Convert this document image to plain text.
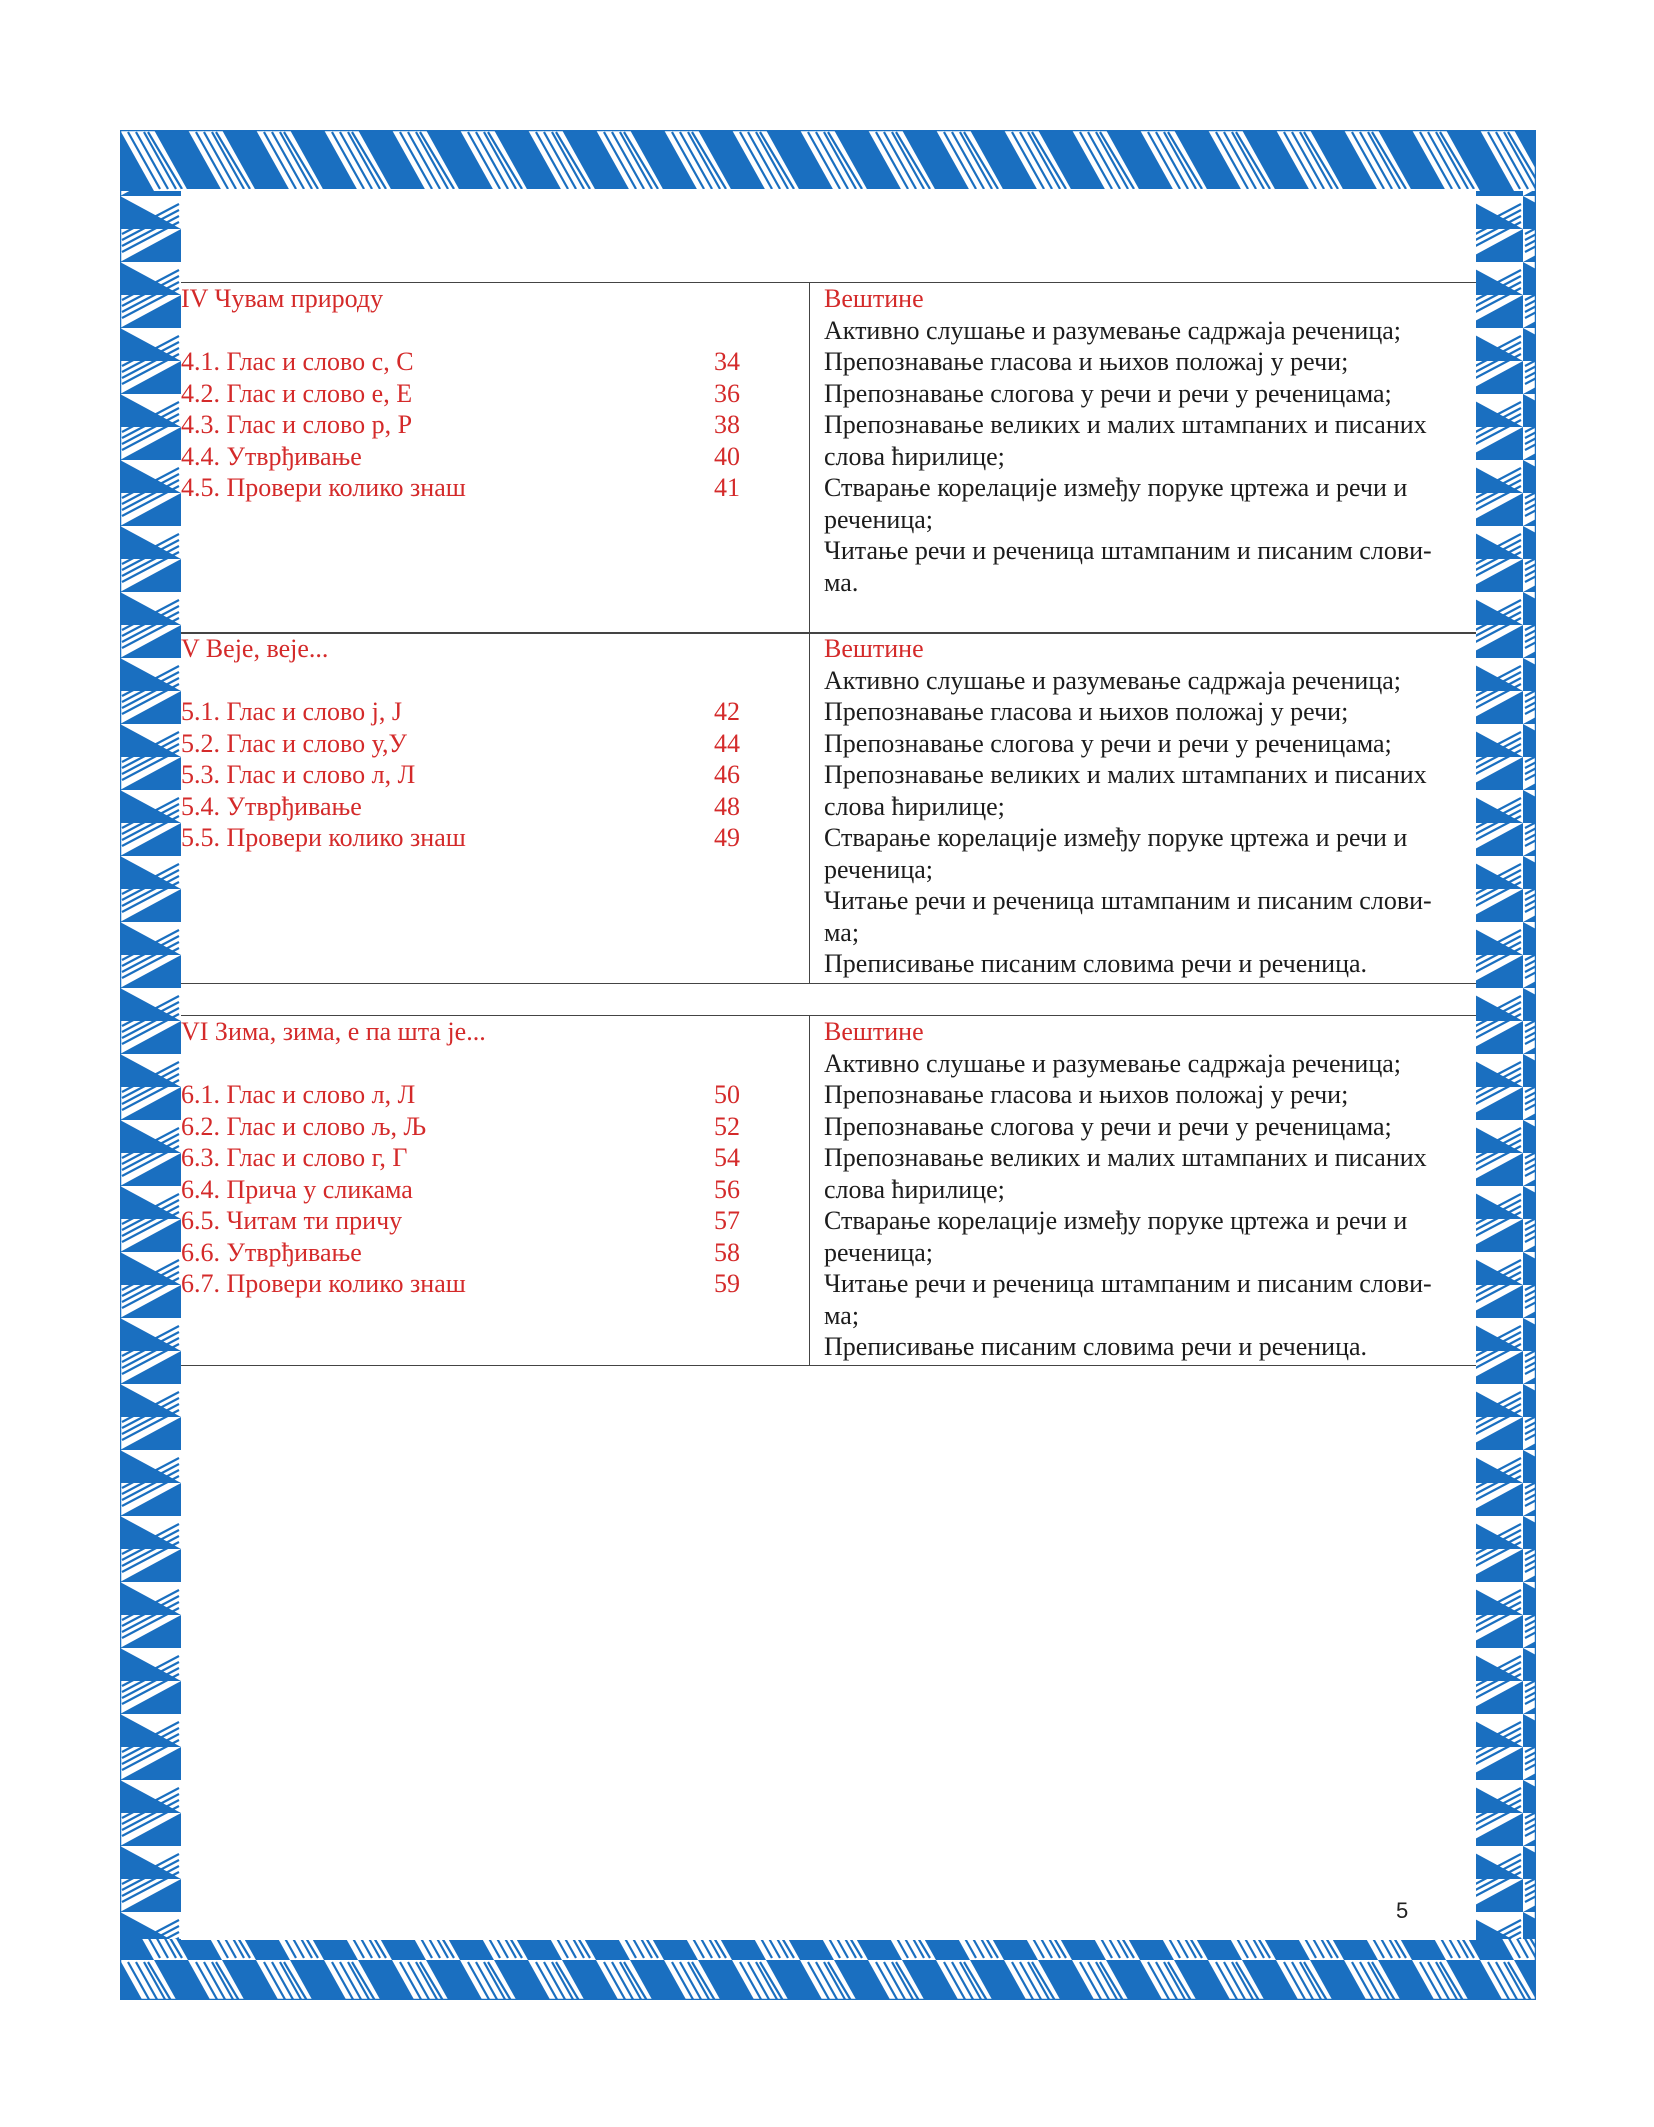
IV Чувам природу
4.1. Глас и слово с, С	34
4.2. Глас и слово е, Е	36
4.3. Глас и слово р, Р	38
4.4. Утврђивање	40
4.5. Провери колико знаш	41

Вештине
Активно слушање и разумевање садржаја реченица;
Препознавање гласова и њихов положај у речи;
Препознавање слогова у речи и речи у реченицама;
Препознавање великих и малих штампаних и писаних
слова ћирилице;
Стварање корелације између поруке цртежа и речи и
реченица;
Читање речи и реченица штампаним и писаним слови-
ма.
V Веје, веје...
5.1. Глас и слово ј, Ј	42
5.2. Глас и слово у,У	44
5.3. Глас и слово л, Л	46
5.4. Утврђивање	48
5.5. Провери колико знаш	49

Вештине
Активно слушање и разумевање садржаја реченица;
Препознавање гласова и њихов положај у речи;
Препознавање слогова у речи и речи у реченицама;
Препознавање великих и малих штампаних и писаних
слова ћирилице;
Стварање корелације између поруке цртежа и речи и
реченица;
Читање речи и реченица штампаним и писаним слови-
ма;
Преписивање писаним словима речи и реченица.
VI Зима, зима, е па шта је...
6.1. Глас и слово л, Л	50
6.2. Глас и слово љ, Љ	52
6.3. Глас и слово г, Г	54
6.4. Прича у сликама	56
6.5. Читам ти причу	57
6.6. Утврђивање	58
6.7. Провери колико знаш	59

Вештине
Активно слушање и разумевање садржаја реченица;
Препознавање гласова и њихов положај у речи;
Препознавање слогова у речи и речи у реченицама;
Препознавање великих и малих штампаних и писаних
слова ћирилице;
Стварање корелације између поруке цртежа и речи и
реченица;
Читање речи и реченица штампаним и писаним слови-
ма;
Преписивање писаним словима речи и реченица.
5
